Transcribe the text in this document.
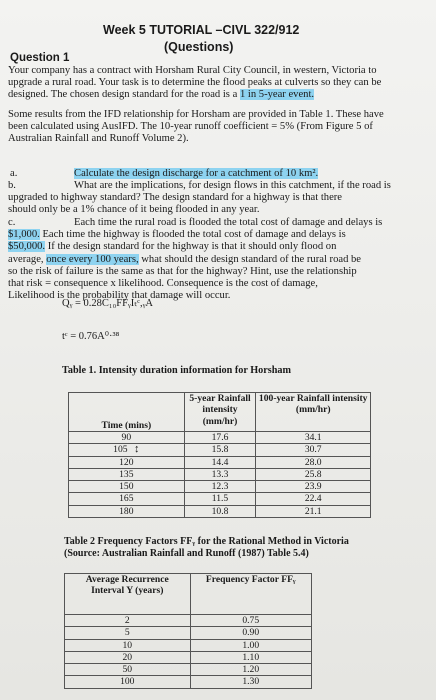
Week 5 TUTORIAL –CIVL 322/912
(Questions)
Question 1
Your company has a contract with Horsham Rural City Council, in western, Victoria to
upgrade a rural road. Your task is to determine the flood peaks at culverts so they can be
designed. The chosen design standard for the road is a 1 in 5-year event.
Some results from the IFD relationship for Horsham are provided in Table 1. These have
been calculated using AusIFD. The 10-year runoff coefficient = 5% (From Figure 5 of
Australian Rainfall and Runoff Volume 2).
a.	Calculate the design discharge for a catchment of 10 km².
b.	What are the implications, for design flows in this catchment, if the road is
upgraded to highway standard? The design standard for a highway is that there
should only be a 1% chance of it being flooded in any year.
c.	Each time the rural road is flooded the total cost of damage and delays is
$1,000. Each time the highway is flooded the total cost of damage and delays is
$50,000. If the design standard for the highway is that it should only flood on
average, once every 100 years, what should the design standard of the rural road be
so the risk of failure is the same as that for the highway? Hint, use the relationship
that risk = consequence x likelihood. Consequence is the cost of damage,
Likelihood is the probability that damage will occur.
Qᵧ = 0.28C₁₀FFᵧIₜᶜ,ᵧA
tᶜ = 0.76A⁰·³⁸
Table 1. Intensity duration information for Horsham
Time (mins)	5-year Rainfall intensity (mm/hr)	100-year Rainfall intensity (mm/hr)
90	17.6	34.1
105 ↕	15.8	30.7
120	14.4	28.0
135	13.3	25.8
150	12.3	23.9
165	11.5	22.4
180	10.8	21.1
Table 2 Frequency Factors FFᵧ for the Rational Method in Victoria
(Source: Australian Rainfall and Runoff (1987) Table 5.4)
Average Recurrence Interval Y (years)	Frequency Factor FFᵧ
2	0.75
5	0.90
10	1.00
20	1.10
50	1.20
100	1.30
